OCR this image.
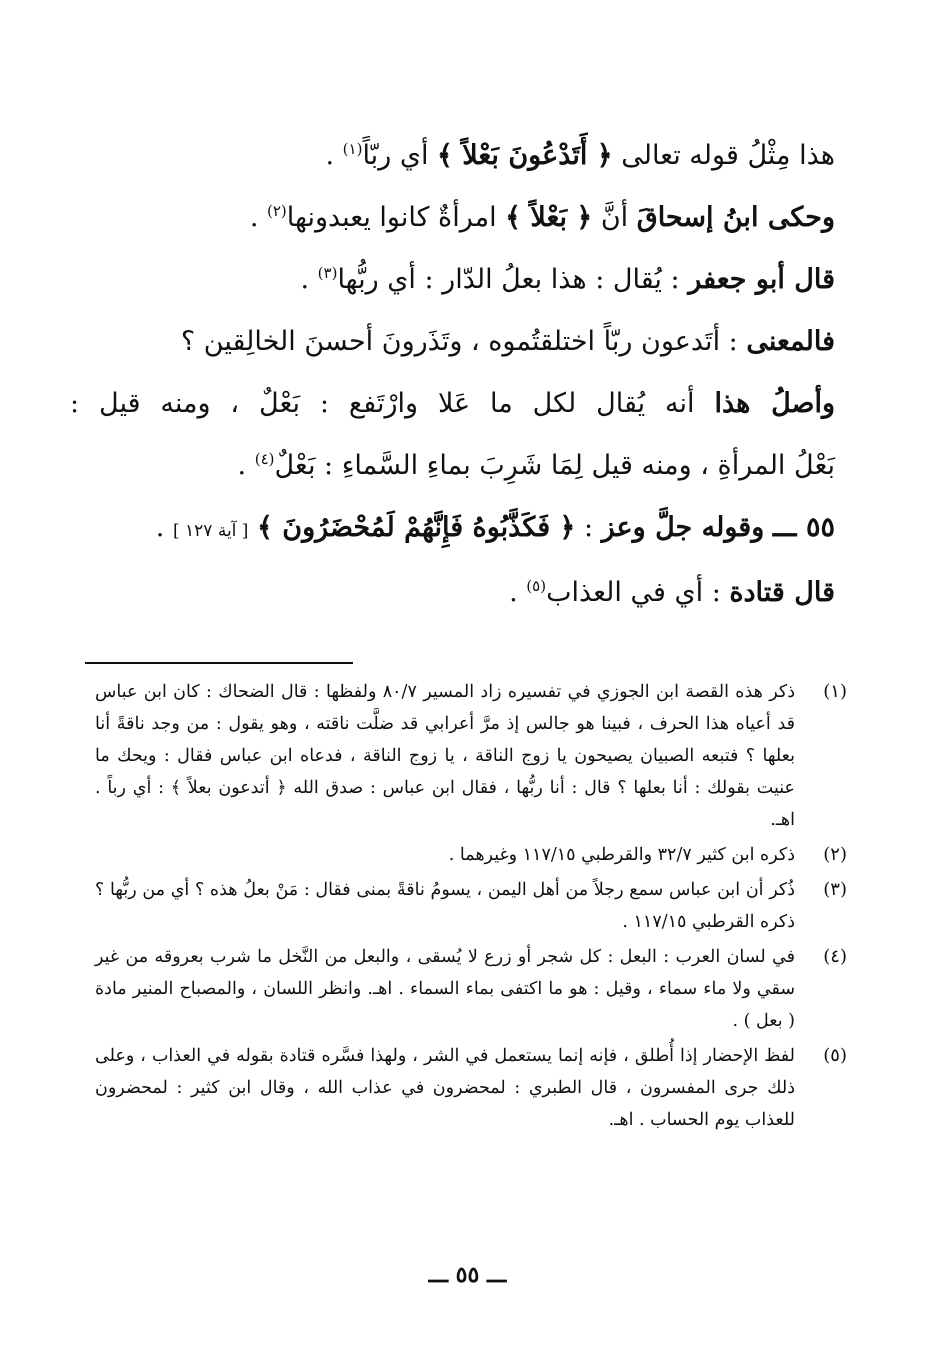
هذا مِثْلُ قوله تعالى ﴿ أَتَدْعُونَ بَعْلاً ﴾ أي ربّاً$^{(١)}$ .
وحكى ابنُ إسحاقَ أنَّ ﴿ بَعْلاً ﴾ امرأةٌ كانوا يعبدونها$^{(٢)}$ .
قال أبو جعفر : يُقال : هذا بعلُ الدّار : أي ربُّها$^{(٣)}$ .
فالمعنى : أتَدعون ربّاً اختلقتُموه ، وتَذَرونَ أحسنَ الخالِقين ؟
وأصلُ هذا أنه يُقال لكل ما عَلا وارْتَفع : بَعْلٌ ، ومنه قيل :
بَعْلُ المرأةِ ، ومنه قيل لِمَا شَرِبَ بماءِ السَّماءِ : بَعْلٌ$^{(٤)}$ .
٥٥ ـــ وقوله جلَّ وعز : ﴿ فَكَذَّبُوهُ فَإِنَّهُمْ لَمُحْضَرُونَ ﴾ [ آية ١٢٧ ] .
قال قتادة : أي في العذاب$^{(٥)}$ .
(١)
ذكر هذه القصة ابن الجوزي في تفسيره زاد المسير ٨٠/٧ ولفظها : قال الضحاك : كان ابن عباس قد أعياه هذا الحرف ، فبينا هو جالس إذ مرَّ أعرابي قد ضلَّت ناقته ، وهو يقول : من وجد ناقةً أنا بعلها ؟ فتبعه الصبيان يصيحون يا زوج الناقة ، يا زوج الناقة ، فدعاه ابن عباس فقال : ويحك ما عنيت بقولك : أنا بعلها ؟ قال : أنا ربُّها ، فقال ابن عباس : صدق الله ﴿ أتدعون بعلاً ﴾ : أي رباً . اهـ.
(٢)
ذكره ابن كثير ٣٢/٧ والقرطبي ١١٧/١٥ وغيرهما .
(٣)
ذُكر أن ابن عباس سمع رجلاً من أهل اليمن ، يسومُ ناقةً بمنى فقال : مَنْ بعلُ هذه ؟ أي من ربُّها ؟ ذكره القرطبي ١١٧/١٥ .
(٤)
في لسان العرب : البعل : كل شجر أو زرع لا يُسقى ، والبعل من النَّخل ما شرب بعروقه من غير سقي ولا ماء سماء ، وقيل : هو ما اكتفى بماء السماء . اهـ. وانظر اللسان ، والمصباح المنير مادة ( بعل ) .
(٥)
لفظ الإحضار إذا أُطلق ، فإنه إنما يستعمل في الشر ، ولهذا فسَّره قتادة بقوله في العذاب ، وعلى ذلك جرى المفسرون ، قال الطبري : لمحضرون في عذاب الله ، وقال ابن كثير : لمحضرون للعذاب يوم الحساب . اهـ.
ـــ ٥٥ ـــ
